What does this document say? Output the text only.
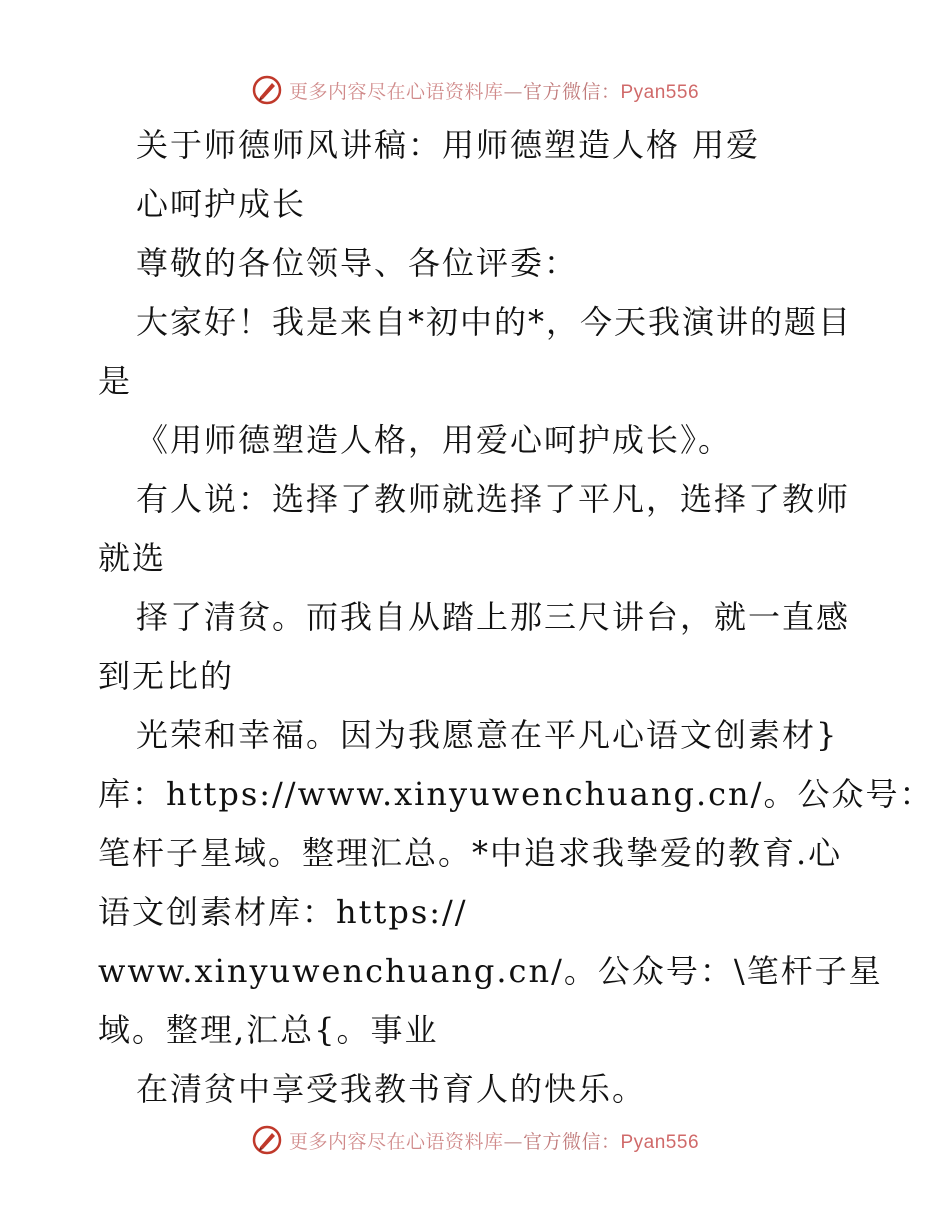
更多内容尽在心语资料库—官方微信：Pyan556
关于师德师风讲稿：用师德塑造人格 用爱
心呵护成长
尊敬的各位领导、各位评委：
大家好！我是来自*初中的*，今天我演讲的题目
是
《用师德塑造人格，用爱心呵护成长》。
有人说：选择了教师就选择了平凡，选择了教师
就选
择了清贫。而我自从踏上那三尺讲台，就一直感
到无比的
光荣和幸福。因为我愿意在平凡心语文创素材}
库：https://www.xinyuwenchuang.cn/。公众号：
笔杆子星域。整理汇总。*中追求我挚爱的教育.心
语文创素材库：https://
www.xinyuwenchuang.cn/。公众号：\笔杆子星
域。整理,汇总{。事业
在清贫中享受我教书育人的快乐。
更多内容尽在心语资料库—官方微信：Pyan556
